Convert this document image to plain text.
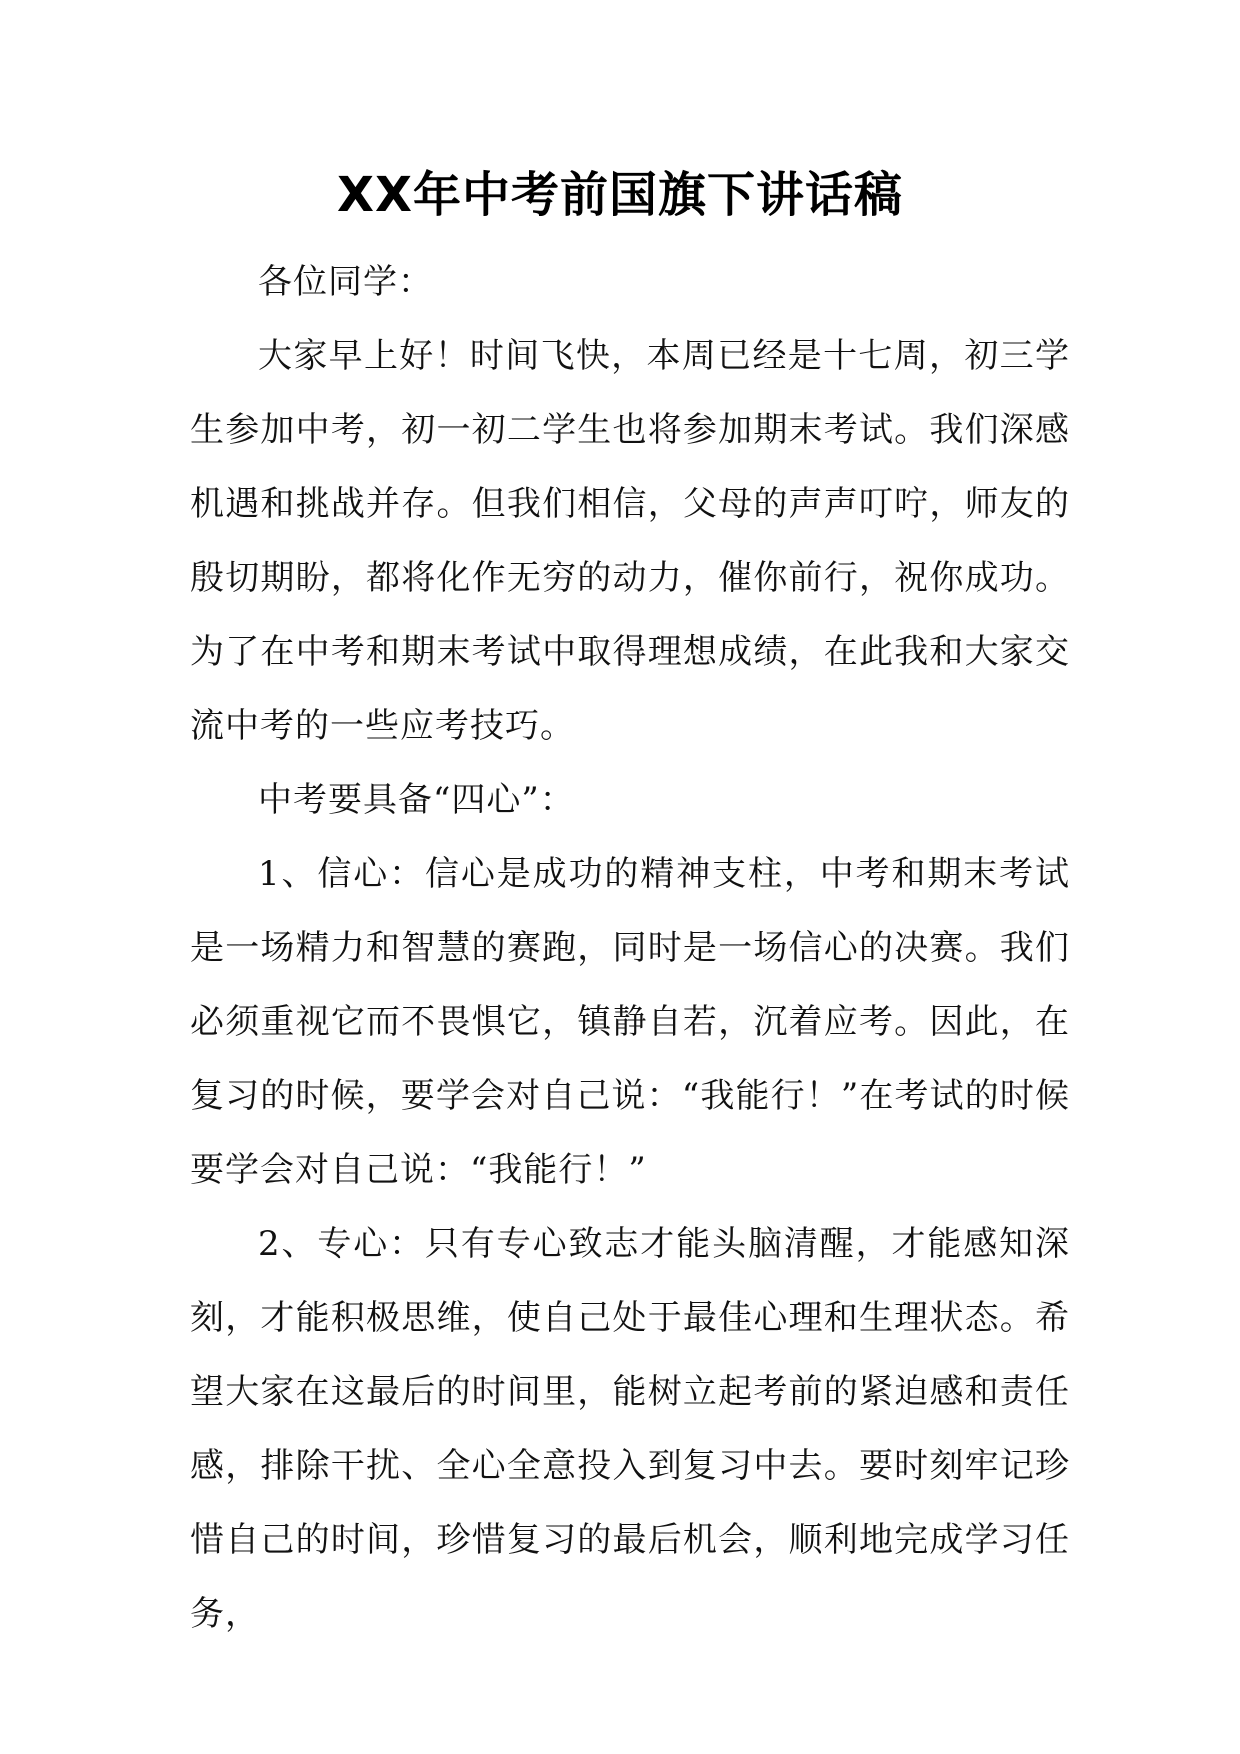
XX年中考前国旗下讲话稿

各位同学：

大家早上好！时间飞快，本周已经是十七周，初三学生参加中考，初一初二学生也将参加期末考试。我们深感机遇和挑战并存。但我们相信，父母的声声叮咛，师友的殷切期盼，都将化作无穷的动力，催你前行，祝你成功。为了在中考和期末考试中取得理想成绩，在此我和大家交流中考的一些应考技巧。

中考要具备“四心”：

1、信心：信心是成功的精神支柱，中考和期末考试是一场精力和智慧的赛跑，同时是一场信心的决赛。我们必须重视它而不畏惧它，镇静自若，沉着应考。因此，在复习的时候，要学会对自己说：“我能行！”在考试的时候要学会对自己说：“我能行！”

2、专心：只有专心致志才能头脑清醒，才能感知深刻，才能积极思维，使自己处于最佳心理和生理状态。希望大家在这最后的时间里，能树立起考前的紧迫感和责任感，排除干扰、全心全意投入到复习中去。要时刻牢记珍惜自己的时间，珍惜复习的最后机会，顺利地完成学习任务，
